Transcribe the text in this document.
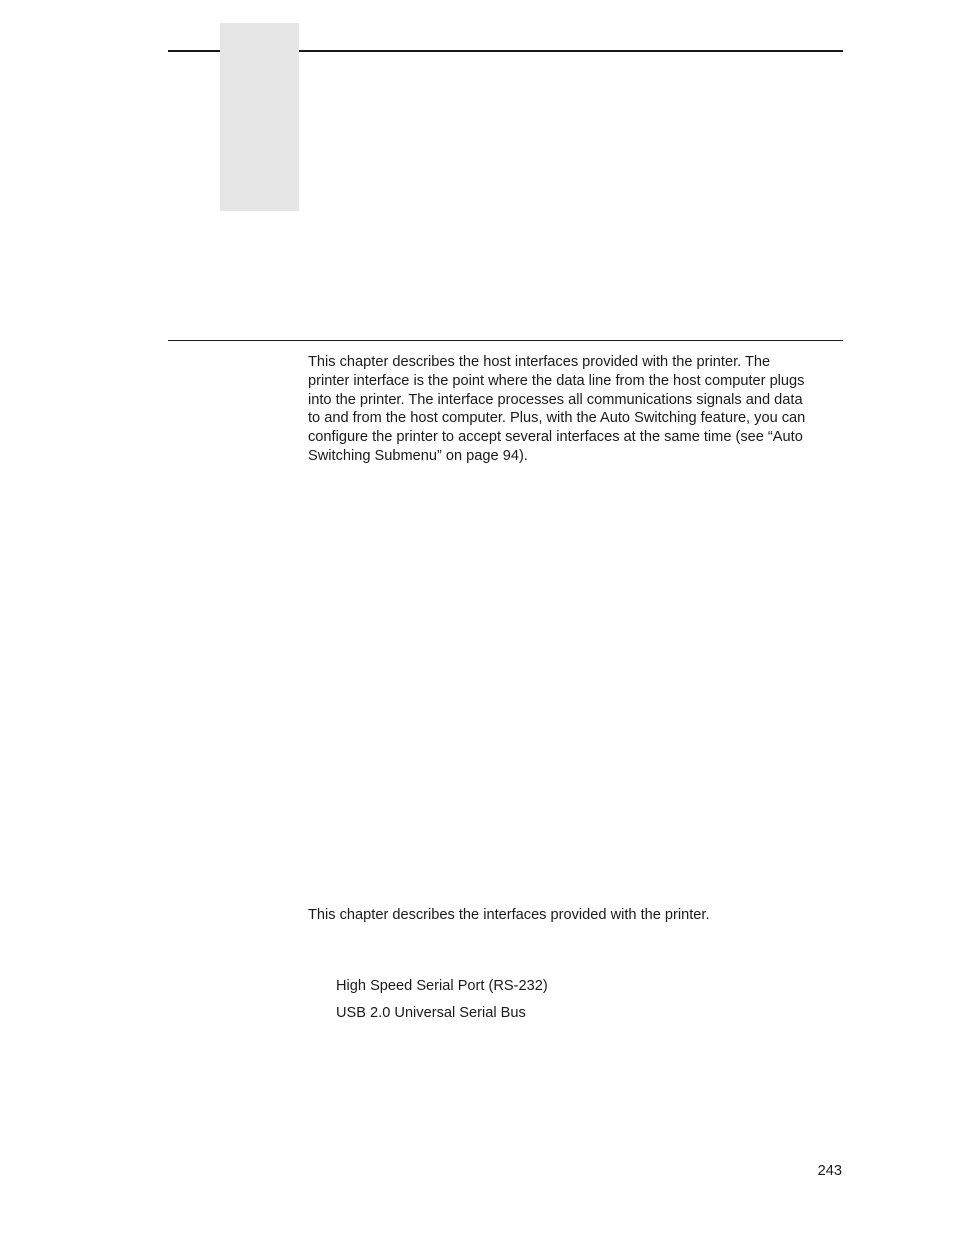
This chapter describes the host interfaces provided with the printer. The
printer interface is the point where the data line from the host computer plugs
into the printer. The interface processes all communications signals and data
to and from the host computer. Plus, with the Auto Switching feature, you can
configure the printer to accept several interfaces at the same time (see “Auto
Switching Submenu” on page 94).

This chapter describes the interfaces provided with the printer.

High Speed Serial Port (RS-232)

USB 2.0 Universal Serial Bus

243
